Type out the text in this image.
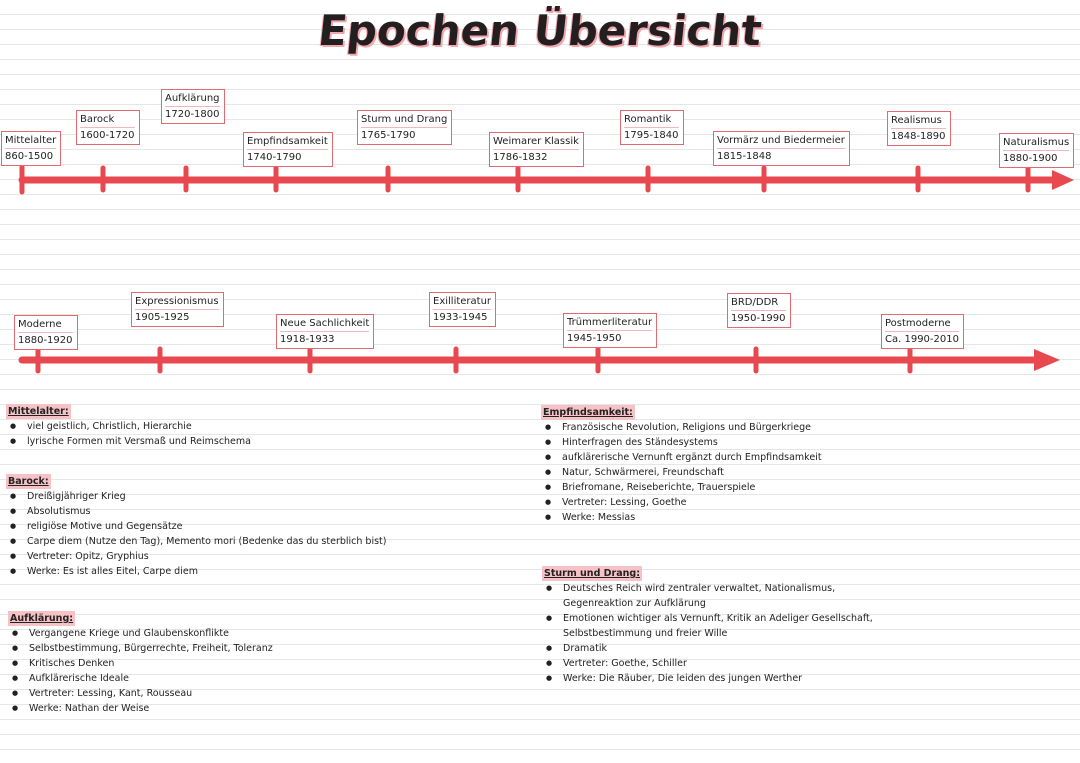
Epochen Übersicht
Mittelalter
860-1500
Barock
1600-1720
Aufklärung
1720-1800
Empfindsamkeit
1740-1790
Sturm und Drang
1765-1790
Weimarer Klassik
1786-1832
Romantik
1795-1840	Vormärz und Biedermeier
1815-1848
Realismus
1848-1890
Naturalismus
1880-1900
Moderne
1880-1920
Expressionismus
1905-1925
Neue Sachlichkeit
1918-1933
Exilliteratur
1933-1945	Trümmerliteratur
1945-1950
BRD/DDR
1950-1990	Postmoderne
Ca. 1990-2010
Mittelalter:
● viel geistlich, Christlich, Hierarchie
● lyrische Formen mit Versmaß und Reimschema
Barock:
● Dreißigjähriger Krieg
● Absolutismus
● religiöse Motive und Gegensätze
● Carpe diem (Nutze den Tag), Memento mori (Bedenke das du sterblich bist)
● Vertreter: Opitz, Gryphius
● Werke: Es ist alles Eitel, Carpe diem
Aufklärung:
● Vergangene Kriege und Glaubenskonflikte
● Selbstbestimmung, Bürgerrechte, Freiheit, Toleranz
● Kritisches Denken
● Aufklärerische Ideale
● Vertreter: Lessing, Kant, Rousseau
● Werke: Nathan der Weise
Empfindsamkeit:
● Französische Revolution, Religions und Bürgerkriege
● Hinterfragen des Ständesystems
● aufklärerische Vernunft ergänzt durch Empfindsamkeit
● Natur, Schwärmerei, Freundschaft
● Briefromane, Reiseberichte, Trauerspiele
● Vertreter: Lessing, Goethe
● Werke: Messias
Sturm und Drang:
● Deutsches Reich wird zentraler verwaltet, Nationalismus,
Gegenreaktion zur Aufklärung
● Emotionen wichtiger als Vernunft, Kritik an Adeliger Gesellschaft,
Selbstbestimmung und freier Wille
● Dramatik
● Vertreter: Goethe, Schiller
● Werke: Die Räuber, Die leiden des jungen Werther
